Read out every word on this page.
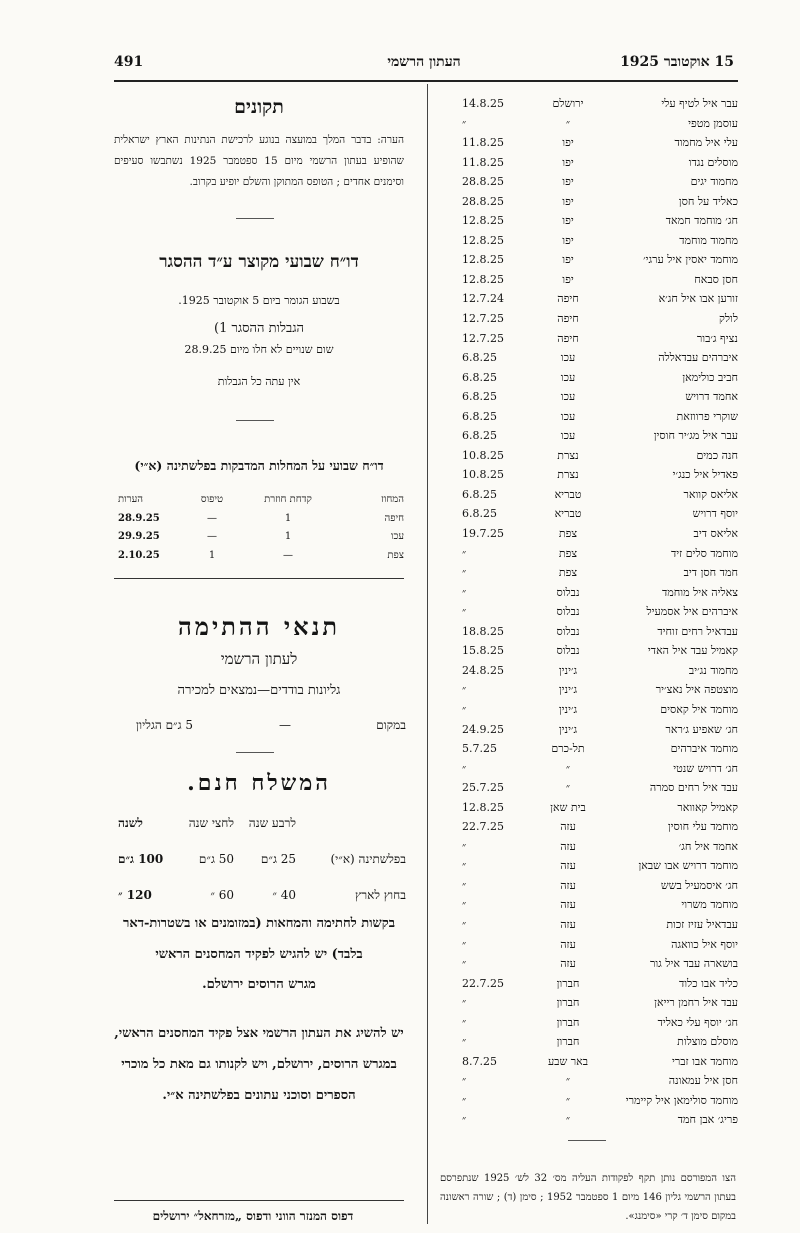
15 אוקטובר 1925
העתון הרשמי
491
עבר איל לטיף עלי
ירושלם
14.8.25
עוסמן מטפי
״
״
עלי איל מחמוד
יפו
11.8.25
מוסלים נגדו
יפו
11.8.25
מחמוד יגים
יפו
28.8.25
כאליד על חסן
יפו
28.8.25
חג׳ מוחמד חמאד
יפו
12.8.25
מחמוד מוחמד
יפו
12.8.25
מוחמד יאסין איל ערגי׳
יפו
12.8.25
חסן סבאח
יפו
12.8.25
זורען אבו איל חג׳א
חיפה
12.7.24
לולק
חיפה
12.7.25
נציף ג׳בור
חיפה
12.7.25
איברהים עבדאללה
עכו
6.8.25
חביב כולימאן
עכו
6.8.25
אחמד דרויש
עכו
6.8.25
שוקרי פרווזאת
עכו
6.8.25
עבר איל מג׳יר חוסין
עכו
6.8.25
חנה כמים
נצרת
10.8.25
פאדיל איל כנג׳י
נצרת
10.8.25
אליאס קוואר
טבריא
6.8.25
יוסף דרויש
טבריא
6.8.25
אליאס דיב
צפת
19.7.25
מוחמד סלים זיד
צפת
״
חמד חסן דיב
צפת
״
צאליה איל מוחמד
נבלוס
״
איברהים איל אסמעיל
נבלוס
״
עבדאיל רחים זוחיד
נבלוס
18.8.25
קאמיל עבד איל האדי
נבלוס
15.8.25
מחמוד נג׳יב
ג׳ינין
24.8.25
מוצטפה איל נאצ׳יר
ג׳ינין
״
מוחמד איל קאסים
ג׳ינין
״
חג׳ שאפיע ג׳ראר
ג׳ינין
24.9.25
מוחמד איברהים
תל-כרם
5.7.25
חג׳ דרויש שנטי
״
״
עבד איל רחים סמרה
״
25.7.25
קאמיל קאוואר
בית שאן
12.8.25
מוחמד עלי חוסין
עזה
22.7.25
אחמד איל חג׳
עזה
״
מוחמד דרויש אבו שבאן
עזה
״
חג׳ איסמעיל בשש
עזה
״
מוחמד משרוי
עזה
״
עבדאיל עזיז זכות
עזה
״
יוסף איל כוואגה
עזה
״
בושארה עבד איל גור
עזה
״
כליד אבו כלוד
חברון
22.7.25
עבד איל רחמן רייאן
חברון
״
חג׳ יוסף עלי כאליד
חברון
״
מוסלם מוצלות
חברון
״
מוחמד אבו זברי
באר שבע
8.7.25
חסן איל עמאונה
״
״
מוחמד סולימאן איל קיימרי
״
״
פריג׳ אבן חמד
״
״
הצו המפורסם נותן תקף לפקודות העליה מס׳ 32 לש׳ 1925 שנתפרסם בעתון הרשמי גליון 146 מיום 1 ספטמבר 1952 ; סימן (ד) ; שורה ראשונה במקום סימן ד׳ קרי «סימנג».
תקונים
הערה: בדבר המלך במועצה בנוגע לרכישת הנתינות הארץ ישראלית שהופיע בעתון הרשמי מיום 15 ספטמבר 1925 נשתבשו סעיפים וסימנים אחדים ; הטופס המתוקן והשלם יופיע בקרוב.
דו״ח שבועי מקוצר ע״ד ההסגר
בשבוע הגומר ביום 5 אוקטובר 1925.
הגבלות ההסגר 1)
שום שנויים לא חלו מיום 28.9.25
אין עתה כל הגבלות
דו״ח שבועי על המחלות המדבקות בפלשתינה (א״י)
המחוז
קדחת חוזרת
טיפוס
הערות
חיפה
1
—
28.9.25
עכו
1
—
29.9.25
צפת
—
1
2.10.25
תנאי ההתימה
לעתון הרשמי
גליונות בודדים—נמצאים למכירה
במקום
—
5 ג״ם הגליון
המשלח חנם.
לרבע שנה
לחצי שנה
לשנה
בפלשתינה (א״י)
25 ג״ם
50 ג״ם
100 ג״ם
בחוץ לארץ
40 ״
60 ״
120 ״
בקשות לחתימה והמחאות (במזומנים או בשטרות-דאר בלבד) יש להגיש לפקיד המחסנים הראשי
מגרש הרוסים ירושלם.
יש להשיג את העתון הרשמי אצל פקיד המחסנים הראשי, במגרש הרוסים, ירושלם, ויש לקנותו גם מאת כל מוכרי הספרים וסוכני עתונים בפלשתינה א״י.
דפוס המנזר הווני ודפוס „מזרחאל״ ירושלים
